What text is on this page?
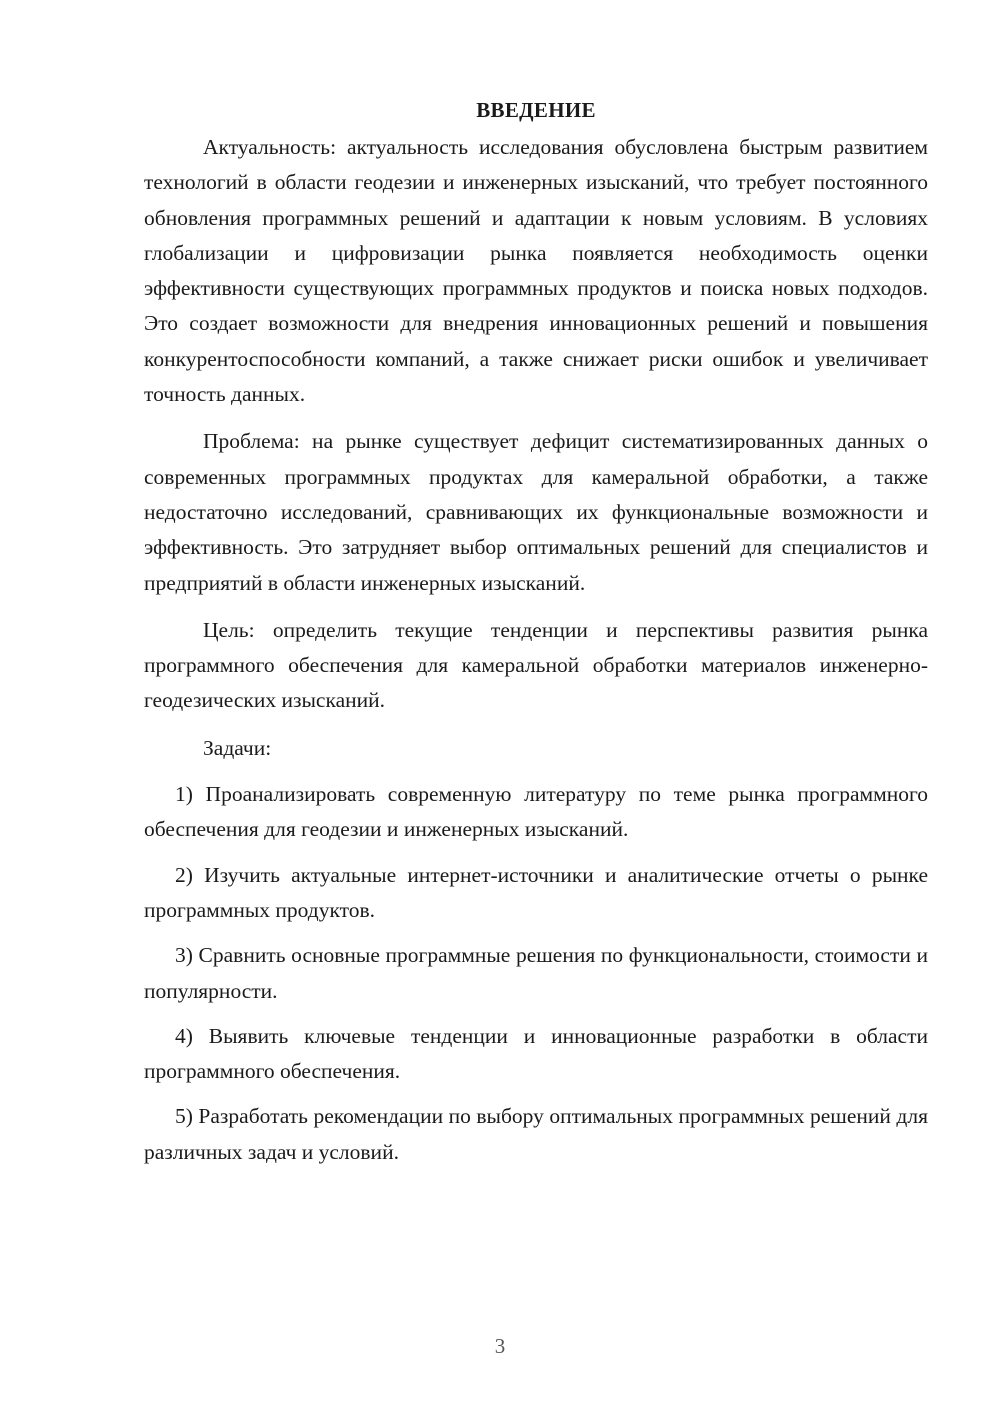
ВВЕДЕНИЕ

Актуальность: актуальность исследования обусловлена быстрым развитием технологий в области геодезии и инженерных изысканий, что требует постоянного обновления программных решений и адаптации к новым условиям. В условиях глобализации и цифровизации рынка появляется необходимость оценки эффективности существующих программных продуктов и поиска новых подходов. Это создает возможности для внедрения инновационных решений и повышения конкурентоспособности компаний, а также снижает риски ошибок и увеличивает точность данных.

Проблема: на рынке существует дефицит систематизированных данных о современных программных продуктах для камеральной обработки, а также недостаточно исследований, сравнивающих их функциональные возможности и эффективность. Это затрудняет выбор оптимальных решений для специалистов и предприятий в области инженерных изысканий.

Цель: определить текущие тенденции и перспективы развития рынка программного обеспечения для камеральной обработки материалов инженерно-геодезических изысканий.

Задачи:

1) Проанализировать современную литературу по теме рынка программного обеспечения для геодезии и инженерных изысканий.

2) Изучить актуальные интернет-источники и аналитические отчеты о рынке программных продуктов.

3) Сравнить основные программные решения по функциональности, стоимости и популярности.

4) Выявить ключевые тенденции и инновационные разработки в области программного обеспечения.

5) Разработать рекомендации по выбору оптимальных программных решений для различных задач и условий.

3
